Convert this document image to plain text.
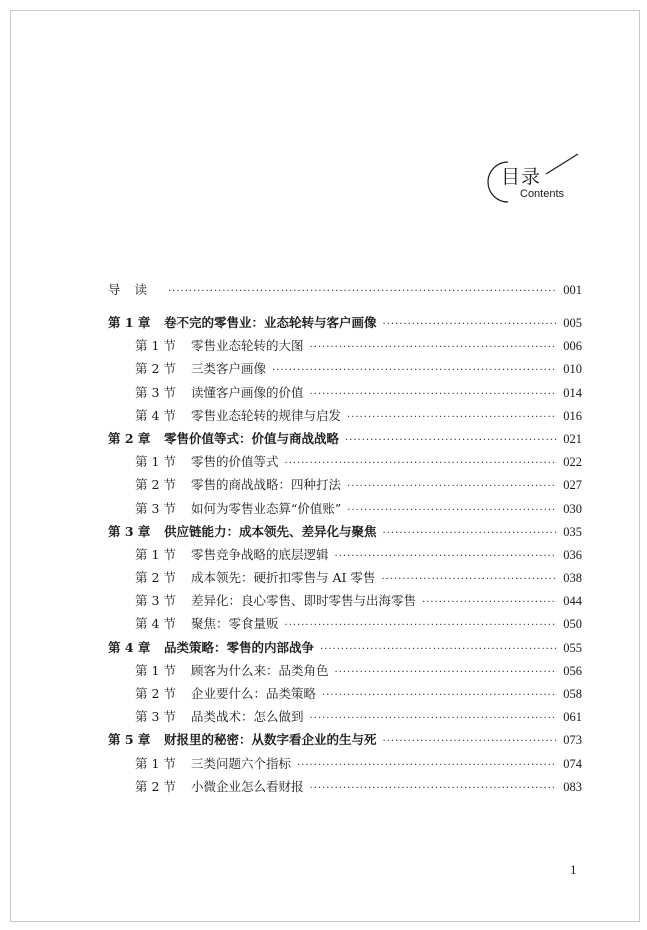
目录
Contents
导读 ·····	001
第 1 章	卷不完的零售业：业态轮转与客户画像 ·····	005
第 1 节	零售业态轮转的大图 ·····	006
第 2 节	三类客户画像 ·····	010
第 3 节	读懂客户画像的价值 ·····	014
第 4 节	零售业态轮转的规律与启发 ·····	016
第 2 章	零售价值等式：价值与商战战略 ·····	021
第 1 节	零售的价值等式 ·····	022
第 2 节	零售的商战战略：四种打法 ·····	027
第 3 节	如何为零售业态算“价值账” ·····	030
第 3 章	供应链能力：成本领先、差异化与聚焦 ·····	035
第 1 节	零售竞争战略的底层逻辑 ·····	036
第 2 节	成本领先：硬折扣零售与 AI 零售 ·····	038
第 3 节	差异化：良心零售、即时零售与出海零售 ·····	044
第 4 节	聚焦：零食量贩 ·····	050
第 4 章	品类策略：零售的内部战争 ·····	055
第 1 节	顾客为什么来：品类角色 ·····	056
第 2 节	企业要什么：品类策略 ·····	058
第 3 节	品类战术：怎么做到 ·····	061
第 5 章	财报里的秘密：从数字看企业的生与死 ·····	073
第 1 节	三类问题六个指标 ·····	074
第 2 节	小微企业怎么看财报 ·····	083
1
